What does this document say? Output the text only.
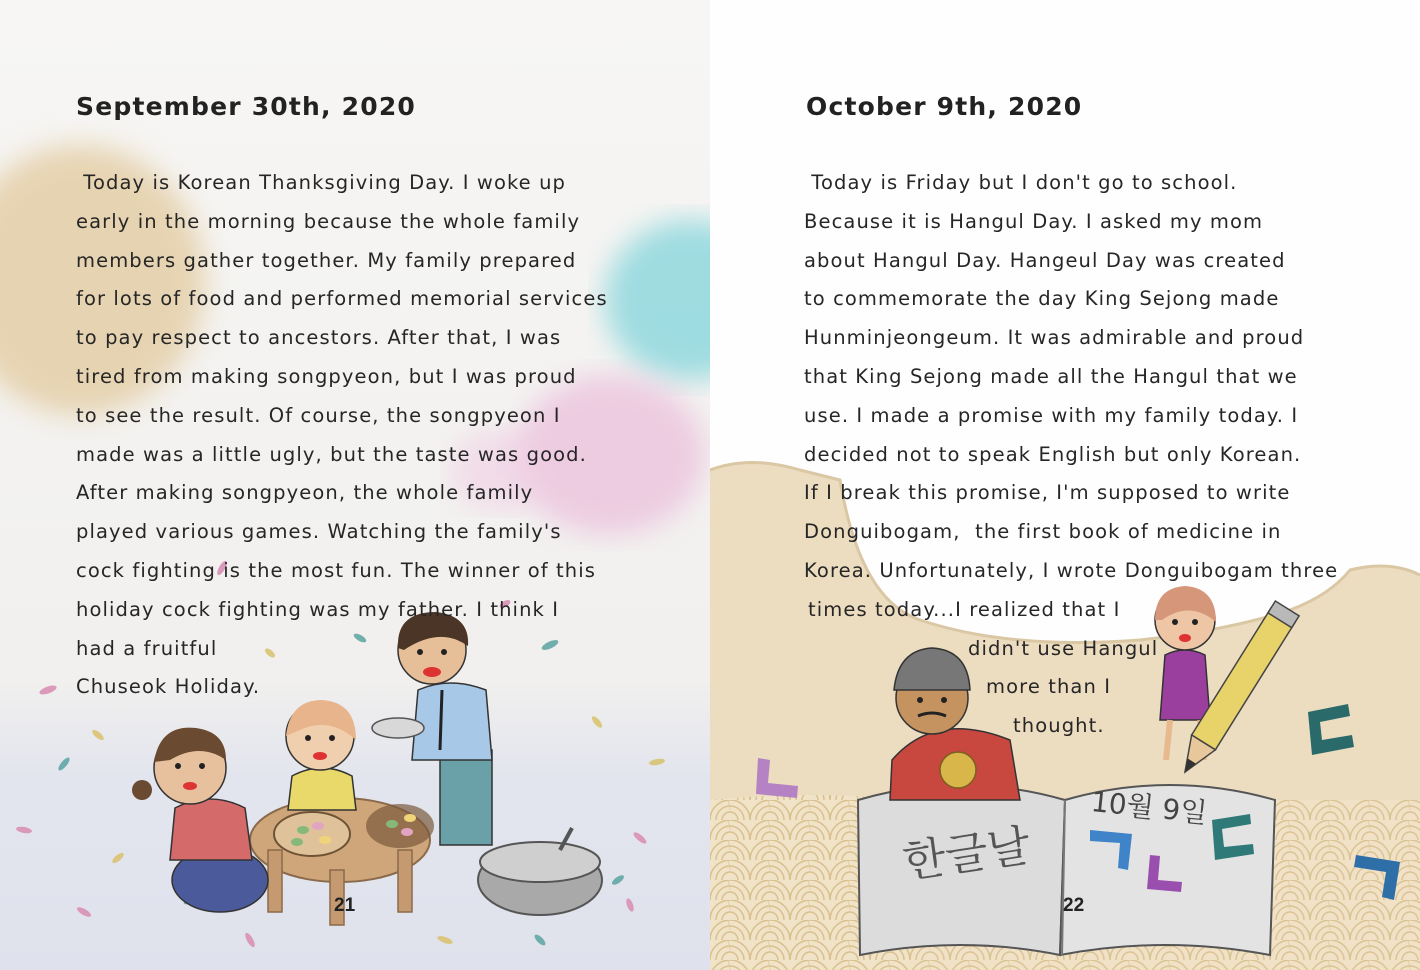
September 30th, 2020
Today is Korean Thanksgiving Day. I woke up
early in the morning because the whole family
members gather together. My family prepared
for lots of food and performed memorial services
to pay respect to ancestors. After that, I was
tired from making songpyeon, but I was proud
to see the result. Of course, the songpyeon I
made was a little ugly, but the taste was good.
After making songpyeon, the whole family
played various games. Watching the family's
cock fighting is the most fun. The winner of this
holiday cock fighting was my father. I think I
had a fruitful
Chuseok Holiday.
21
한글날
10월 9일
October 9th, 2020
Today is Friday but I don't go to school.
Because it is Hangul Day. I asked my mom
about Hangul Day. Hangeul Day was created
to commemorate the day King Sejong made
Hunminjeongeum. It was admirable and proud
that King Sejong made all the Hangul that we
use. I made a promise with my family today. I
decided not to speak English but only Korean.
If I break this promise, I'm supposed to write
Donguibogam,  the first book of medicine in
Korea. Unfortunately, I wrote Donguibogam three
times today...I realized that I
didn't use Hangul
more than I
thought.
22
